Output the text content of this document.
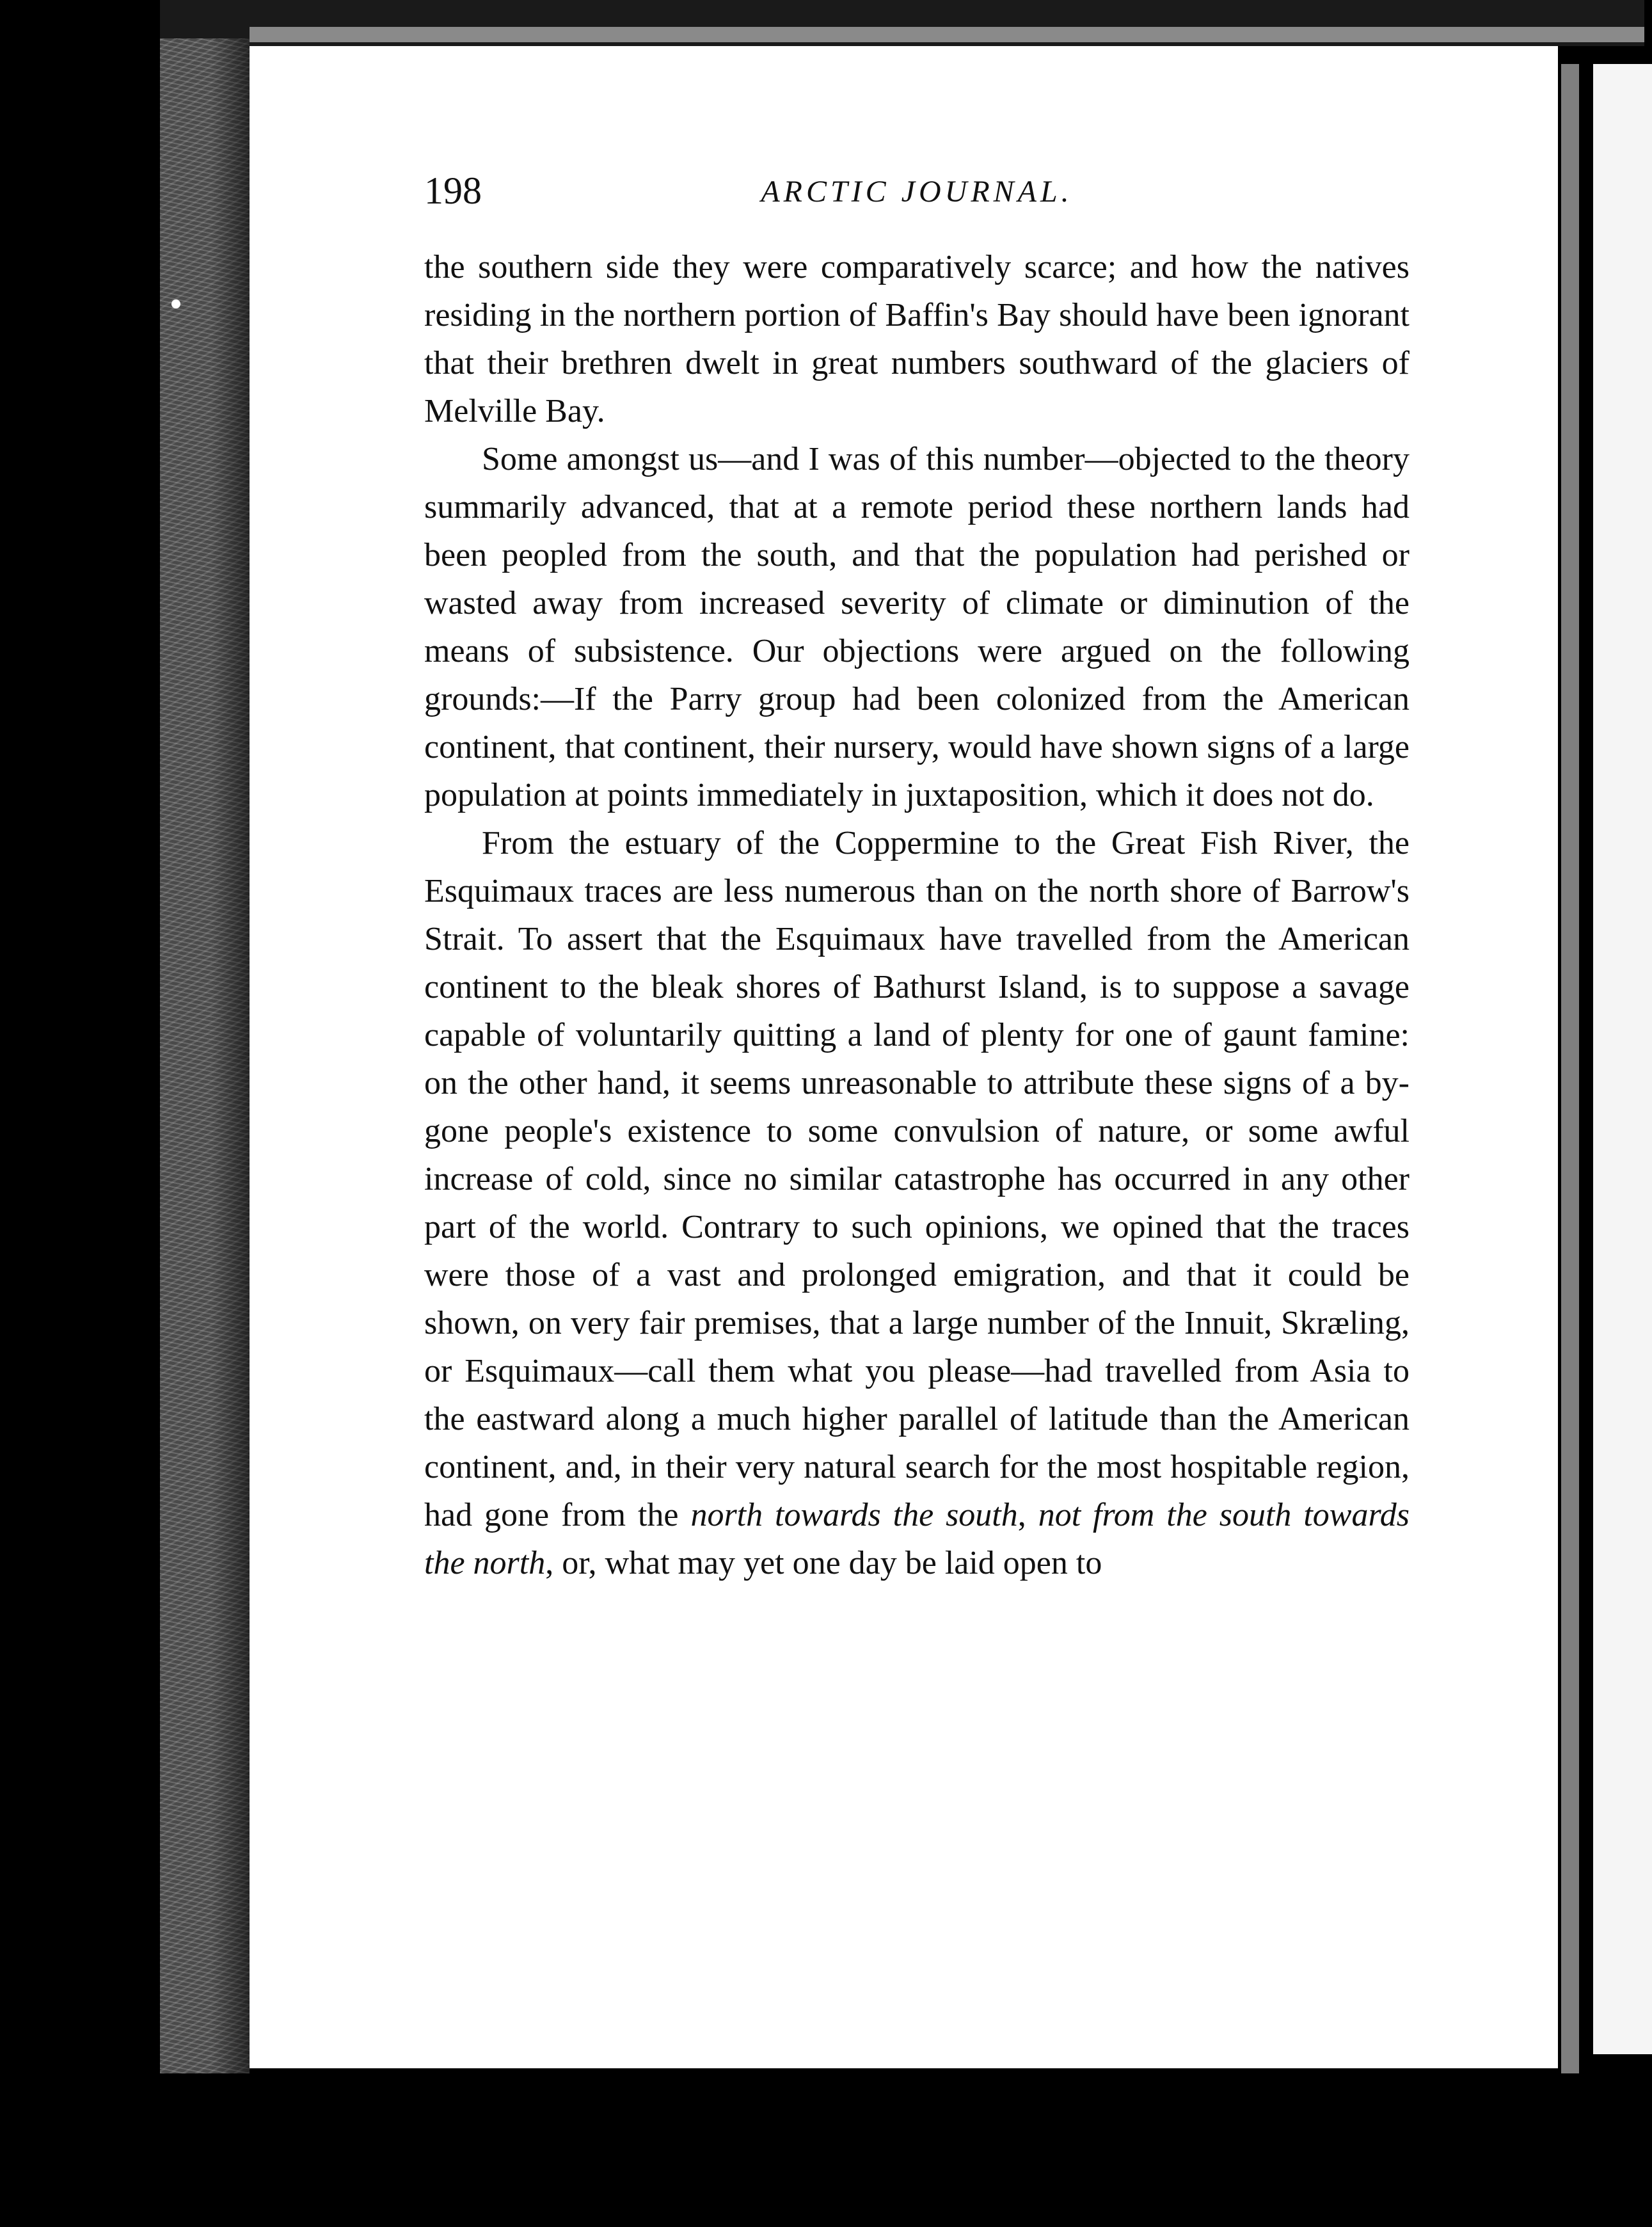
198	ARCTIC JOURNAL.

the southern side they were comparatively scarce; and how the natives residing in the northern portion of Baffin's Bay should have been ignorant that their brethren dwelt in great numbers southward of the glaciers of Melville Bay.

Some amongst us—and I was of this number—objected to the theory summarily advanced, that at a remote period these northern lands had been peopled from the south, and that the population had perished or wasted away from increased severity of climate or diminution of the means of subsistence. Our objections were argued on the following grounds:—If the Parry group had been colonized from the American continent, that continent, their nursery, would have shown signs of a large population at points immediately in juxtaposition, which it does not do.

From the estuary of the Coppermine to the Great Fish River, the Esquimaux traces are less numerous than on the north shore of Barrow's Strait. To assert that the Esquimaux have travelled from the American continent to the bleak shores of Bathurst Island, is to suppose a savage capable of voluntarily quitting a land of plenty for one of gaunt famine: on the other hand, it seems unreasonable to attribute these signs of a by-gone people's existence to some convulsion of nature, or some awful increase of cold, since no similar catastrophe has occurred in any other part of the world. Contrary to such opinions, we opined that the traces were those of a vast and prolonged emigration, and that it could be shown, on very fair premises, that a large number of the Innuit, Skræling, or Esquimaux—call them what you please—had travelled from Asia to the eastward along a much higher parallel of latitude than the American continent, and, in their very natural search for the most hospitable region, had gone from the north towards the south, not from the south towards the north, or, what may yet one day be laid open to
